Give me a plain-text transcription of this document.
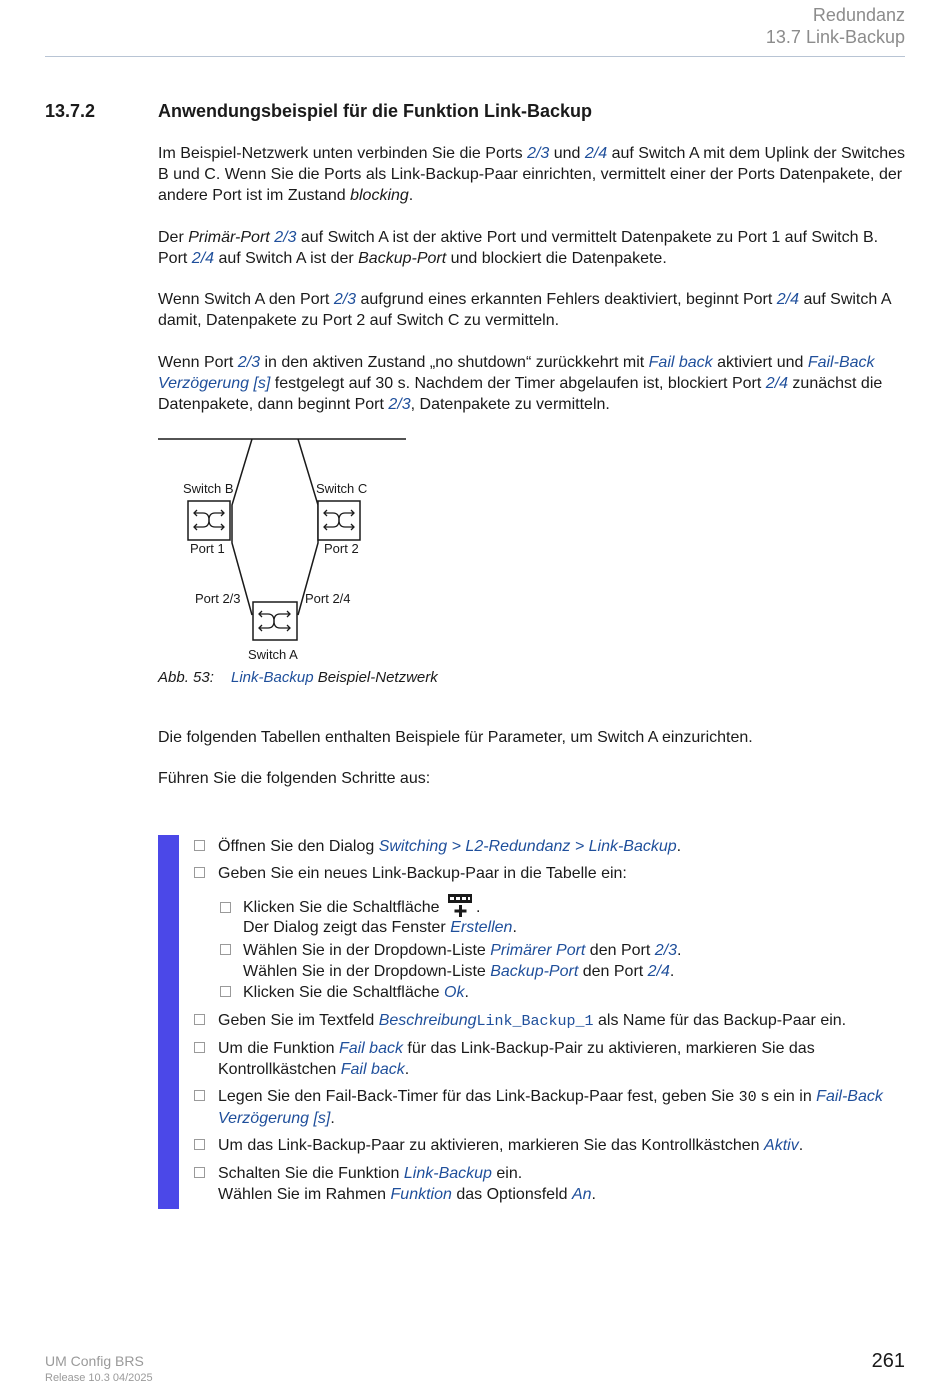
Redundanz
13.7 Link-Backup
13.7.2	Anwendungsbeispiel für die Funktion Link-Backup

Im Beispiel-Netzwerk unten verbinden Sie die Ports 2/3 und 2/4 auf Switch A mit dem Uplink der Switches B und C. Wenn Sie die Ports als Link-Backup-Paar einrichten, vermittelt einer der Ports Datenpakete, der andere Port ist im Zustand blocking.

Der Primär-Port 2/3 auf Switch A ist der aktive Port und vermittelt Datenpakete zu Port 1 auf Switch B. Port 2/4 auf Switch A ist der Backup-Port und blockiert die Datenpakete.

Wenn Switch A den Port 2/3 aufgrund eines erkannten Fehlers deaktiviert, beginnt Port 2/4 auf Switch A damit, Datenpakete zu Port 2 auf Switch C zu vermitteln.

Wenn Port 2/3 in den aktiven Zustand „no shutdown“ zurückkehrt mit Fail back aktiviert und Fail-Back Verzögerung [s] festgelegt auf 30 s. Nachdem der Timer abgelaufen ist, blockiert Port 2/4 zunächst die Datenpakete, dann beginnt Port 2/3, Datenpakete zu vermitteln.

Switch B	Switch C
Port 1	Port 2
Port 2/3	Port 2/4
Switch A
Abb. 53: Link-Backup Beispiel-Netzwerk
Die folgenden Tabellen enthalten Beispiele für Parameter, um Switch A einzurichten.
Führen Sie die folgenden Schritte aus:
Öffnen Sie den Dialog Switching > L2-Redundanz > Link-Backup.
Geben Sie ein neues Link-Backup-Paar in die Tabelle ein:
Klicken Sie die Schaltfläche .
Der Dialog zeigt das Fenster Erstellen.
Wählen Sie in der Dropdown-Liste Primärer Port den Port 2/3.
Wählen Sie in der Dropdown-Liste Backup-Port den Port 2/4.
Klicken Sie die Schaltfläche Ok.
Geben Sie im Textfeld BeschreibungLink_Backup_1 als Name für das Backup-Paar ein.
Um die Funktion Fail back für das Link-Backup-Pair zu aktivieren, markieren Sie das Kontrollkästchen Fail back.
Legen Sie den Fail-Back-Timer für das Link-Backup-Paar fest, geben Sie 30 s ein in Fail-Back Verzögerung [s].
Um das Link-Backup-Paar zu aktivieren, markieren Sie das Kontrollkästchen Aktiv.
Schalten Sie die Funktion Link-Backup ein.
Wählen Sie im Rahmen Funktion das Optionsfeld An.
UM Config BRS
Release 10.3 04/2025
261
